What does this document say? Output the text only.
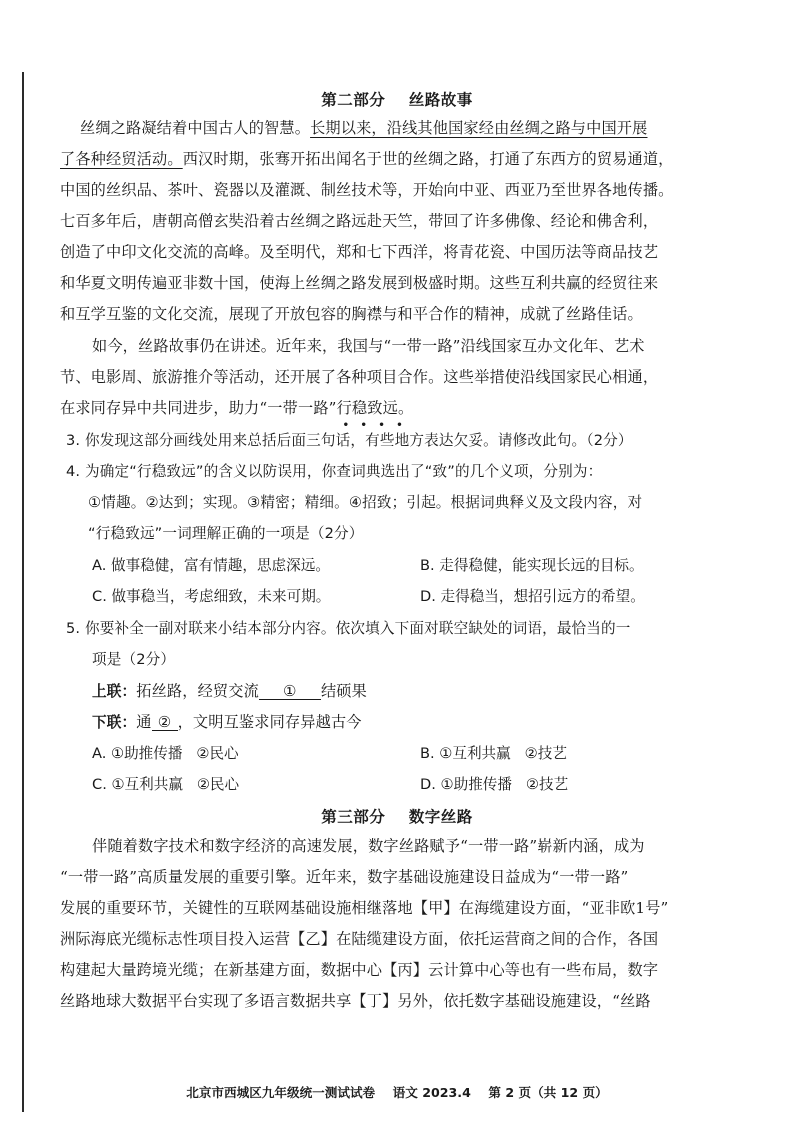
第二部分    丝路故事
丝绸之路凝结着中国古人的智慧。长期以来，沿线其他国家经由丝绸之路与中国开展
了各种经贸活动。西汉时期，张骞开拓出闻名于世的丝绸之路，打通了东西方的贸易通道，
中国的丝织品、茶叶、瓷器以及灌溉、制丝技术等，开始向中亚、西亚乃至世界各地传播。
七百多年后，唐朝高僧玄奘沿着古丝绸之路远赴天竺，带回了许多佛像、经论和佛舍利，
创造了中印文化交流的高峰。及至明代，郑和七下西洋，将青花瓷、中国历法等商品技艺
和华夏文明传遍亚非数十国，使海上丝绸之路发展到极盛时期。这些互利共赢的经贸往来
和互学互鉴的文化交流，展现了开放包容的胸襟与和平合作的精神，成就了丝路佳话。
如今，丝路故事仍在讲述。近年来，我国与“一带一路”沿线国家互办文化年、艺术
节、电影周、旅游推介等活动，还开展了各种项目合作。这些举措使沿线国家民心相通，
在求同存异中共同进步，助力“一带一路”行稳致远
••••
。
3. 你发现这部分画线处用来总括后面三句话，有些地方表达欠妥。请修改此句。（2分）
4. 为确定“行稳致远”的含义以防误用，你查词典选出了“致”的几个义项，分别为：
①情趣。②达到；实现。③精密；精细。④招致；引起。根据词典释义及文段内容，对
“行稳致远”一词理解正确的一项是（2分）
A. 做事稳健，富有情趣，思虑深远。	B. 走得稳健，能实现长远的目标。
C. 做事稳当，考虑细致，未来可期。	D. 走得稳当，想招引远方的希望。
5. 你要补全一副对联来小结本部分内容。依次填入下面对联空缺处的词语，最恰当的一
项是（2分）
上联：拓丝路，经贸交流 ① 结硕果
下联：通 ② ，文明互鉴求同存异越古今
A. ①助推传播   ②民心	B. ①互利共赢   ②技艺
C. ①互利共赢   ②民心	D. ①助推传播   ②技艺
第三部分    数字丝路
伴随着数字技术和数字经济的高速发展，数字丝路赋予“一带一路”崭新内涵，成为
“一带一路”高质量发展的重要引擎。近年来，数字基础设施建设日益成为“一带一路”
发展的重要环节，关键性的互联网基础设施相继落地【甲】在海缆建设方面，“亚非欧1号”
洲际海底光缆标志性项目投入运营【乙】在陆缆建设方面，依托运营商之间的合作，各国
构建起大量跨境光缆；在新基建方面，数据中心【丙】云计算中心等也有一些布局，数字
丝路地球大数据平台实现了多语言数据共享【丁】另外，依托数字基础设施建设，“丝路
北京市西城区九年级统一测试试卷    语文 2023.4    第 2 页（共 12 页）
